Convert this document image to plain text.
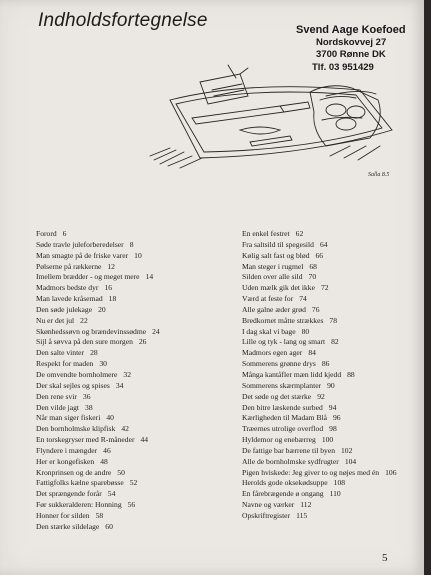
Indholdsfortegnelse	Svend Aage Koefoed
Nordskovvej 27
3700 Rønne DK
Tlf. 03 951429
Salla 8.5
Forord 6
Søde travle juleforberedelser 8
Man smagte på de friske varer 10
Pølserne på rækkerne 12
Imellem brædder - og meget mere 14
Madmors bedste dyr 16
Man lavede kråsemad 18
Den søde julekage 20
Nu er det jul 22
Skønhedssøvn og brændevinssødme 24
Sijl å søvva på den sure morgen 26
Den salte vinter 28
Respekt for maden 30
De omvendte bornholmere 32
Der skal sejles og spises 34
Den rene svir 36
Den vilde jagt 38
Når man siger fiskeri 40
Den bornholmske klipfisk 42
En torskegryser med R-måneder 44
Flyndere i mængder 46
Her er kongefisken 48
Kronprinsen og de andre 50
Fattigfolks kælne sparebøsse 52
Det sprængende forår 54
Før sukkeralderen: Honning 56
Honner for silden 58
Den stærke sildelage 60
En enkel festret 62
Fra saltsild til spegesild 64
Kølig salt fast og blød 66
Man steger i rugmel 68
Silden over alle sild 70
Uden mælk gik det ikke 72
Værd at feste for 74
Alle galne æder grød 76
Bredkornet måtte strækkes 78
I dag skal vi bage 80
Lille og tyk - lang og smart 82
Madmors egen ager 84
Sommerens grønne drys 86
Många kantåfler mæn lidd kjedd 88
Sommerens skærmplanter 90
Det søde og det stærke 92
Den bitre læskende surbed 94
Kærligheden til Madam Blå 96
Træernes utrolige overflod 98
Hyldemor og enebærreg 100
De fattige bar bærrene til byen 102
Alle de bornholmske sydfrugter 104
Pigen hviskede: Jeg giver to og nøjes med én 106
Herolds gode oksekødsuppe 108
En fårebrægende ø ongang 110
Navne og værker 112
Opskriftregister 115
5
